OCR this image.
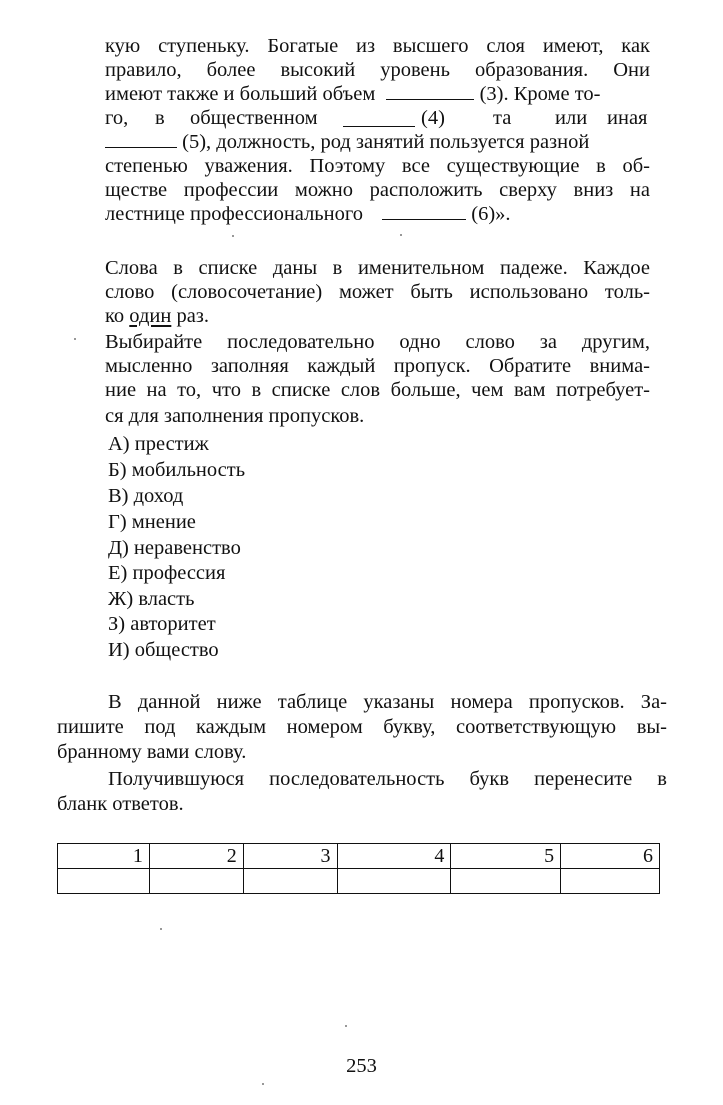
кую ступеньку. Богатые из высшего слоя имеют, как
правило, более высокий уровень образования. Они
имеют также и больший объем	(3). Кроме то-
го, в общественном	(4) та или иная
(5), должность, род занятий пользуется разной
степенью уважения. Поэтому все существующие в об-
ществе профессии можно расположить сверху вниз на
лестнице профессионального	(6)».
Слова в списке даны в именительном падеже. Каждое
слово (словосочетание) может быть использовано толь-
ко один раз.
Выбирайте последовательно одно слово за другим,
мысленно заполняя каждый пропуск. Обратите внима-
ние на то, что в списке слов больше, чем вам потребует-
ся для заполнения пропусков.
А) престиж
Б) мобильность
В) доход
Г) мнение
Д) неравенство
Е) профессия
Ж) власть
З) авторитет
И) общество
В данной ниже таблице указаны номера пропусков. За-
пишите под каждым номером букву, соответствующую вы-
бранному вами слову.
Получившуюся последовательность букв перенесите в
бланк ответов.
1	2	3	4	5	6

253
